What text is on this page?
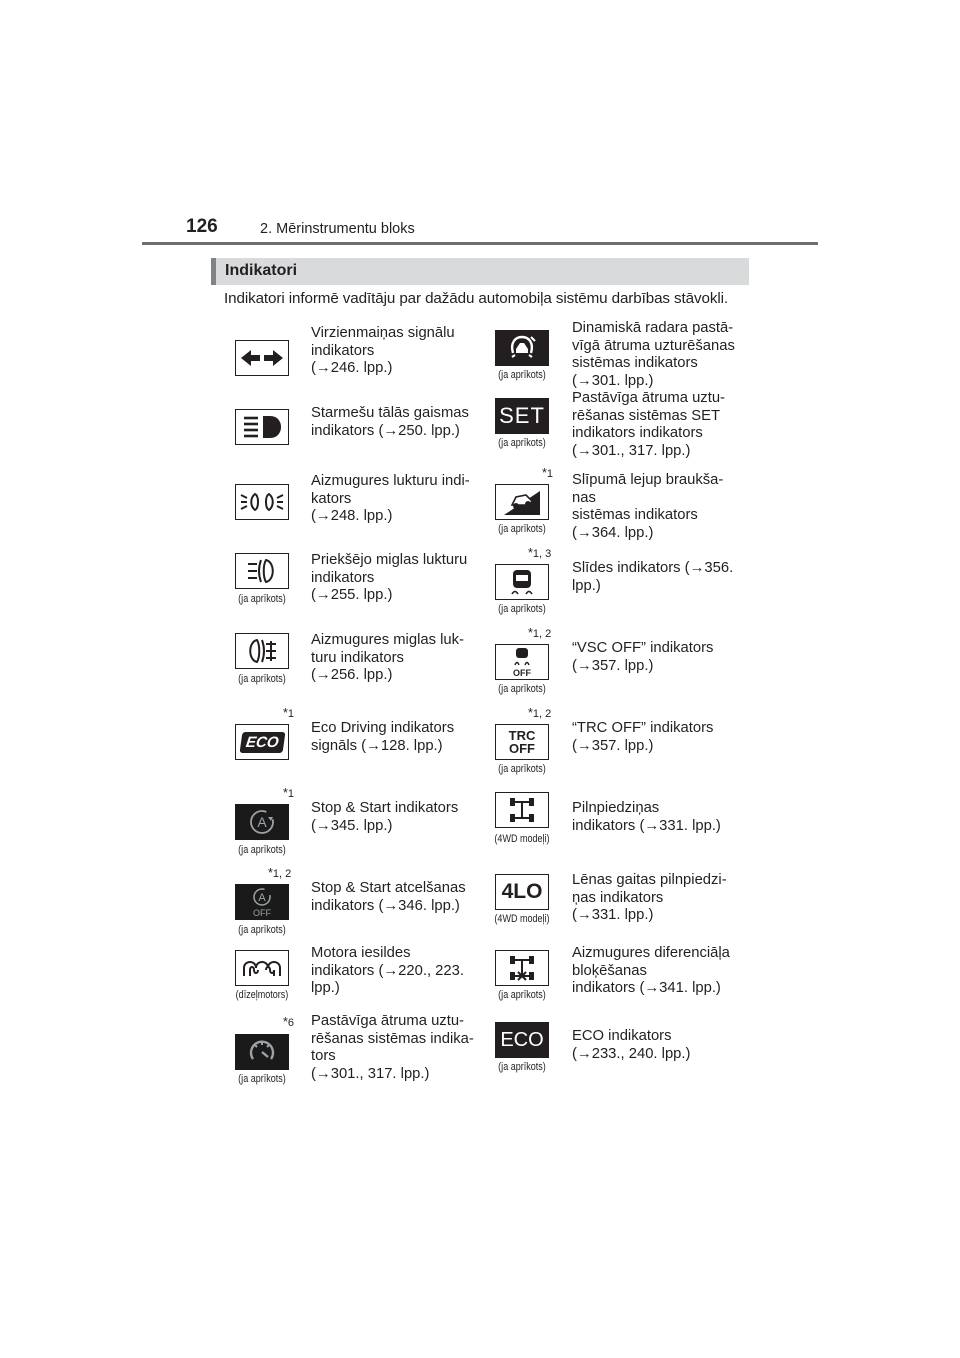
126	2. Mērinstrumentu bloks
Indikatori
Indikatori informē vadītāju par dažādu automobiļa sistēmu darbības stāvokli.
Virzienmaiņas signālu
indikators
(→246. lpp.)
Starmešu tālās gaismas
indikators (→250. lpp.)
Aizmugures lukturu indi-
kators
(→248. lpp.)
(ja aprīkots)
Priekšējo miglas lukturu
indikators
(→255. lpp.)
(ja aprīkots)
Aizmugures miglas luk-
turu indikators
(→256. lpp.)
*1
ECO
Eco Driving indikators
signāls (→128. lpp.)
*1
A
(ja aprīkots)
Stop & Start indikators
(→345. lpp.)
*1, 2
A
OFF
(ja aprīkots)
Stop & Start atcelšanas
indikators (→346. lpp.)
(dīzeļmotors)
Motora iesildes
indikators (→220., 223.
lpp.)
*6
(ja aprīkots)
Pastāvīga ātruma uztu-
rēšanas sistēmas indika-
tors
(→301., 317. lpp.)
(ja aprīkots)
Dinamiskā radara pastā-
vīgā ātruma uzturēšanas
sistēmas indikators
(→301. lpp.)
SET
(ja aprīkots)
Pastāvīga ātruma uztu-
rēšanas sistēmas SET
indikators indikators
(→301., 317. lpp.)
*1
(ja aprīkots)
Slīpumā lejup braukša-
nas
sistēmas indikators
(→364. lpp.)
*1, 3
(ja aprīkots)
Slīdes indikators (→356.
lpp.)
*1, 2
OFF
(ja aprīkots)
“VSC OFF” indikators
(→357. lpp.)
*1, 2
TRC
OFF
(ja aprīkots)
“TRC OFF” indikators
(→357. lpp.)
(4WD modeļi)
Pilnpiedziņas
indikators (→331. lpp.)
4LO
(4WD modeļi)
Lēnas gaitas pilnpiedzi-
ņas indikators
(→331. lpp.)
(ja aprīkots)
Aizmugures diferenciāļa
bloķēšanas
indikators (→341. lpp.)
ECO
(ja aprīkots)
ECO indikators
(→233., 240. lpp.)
